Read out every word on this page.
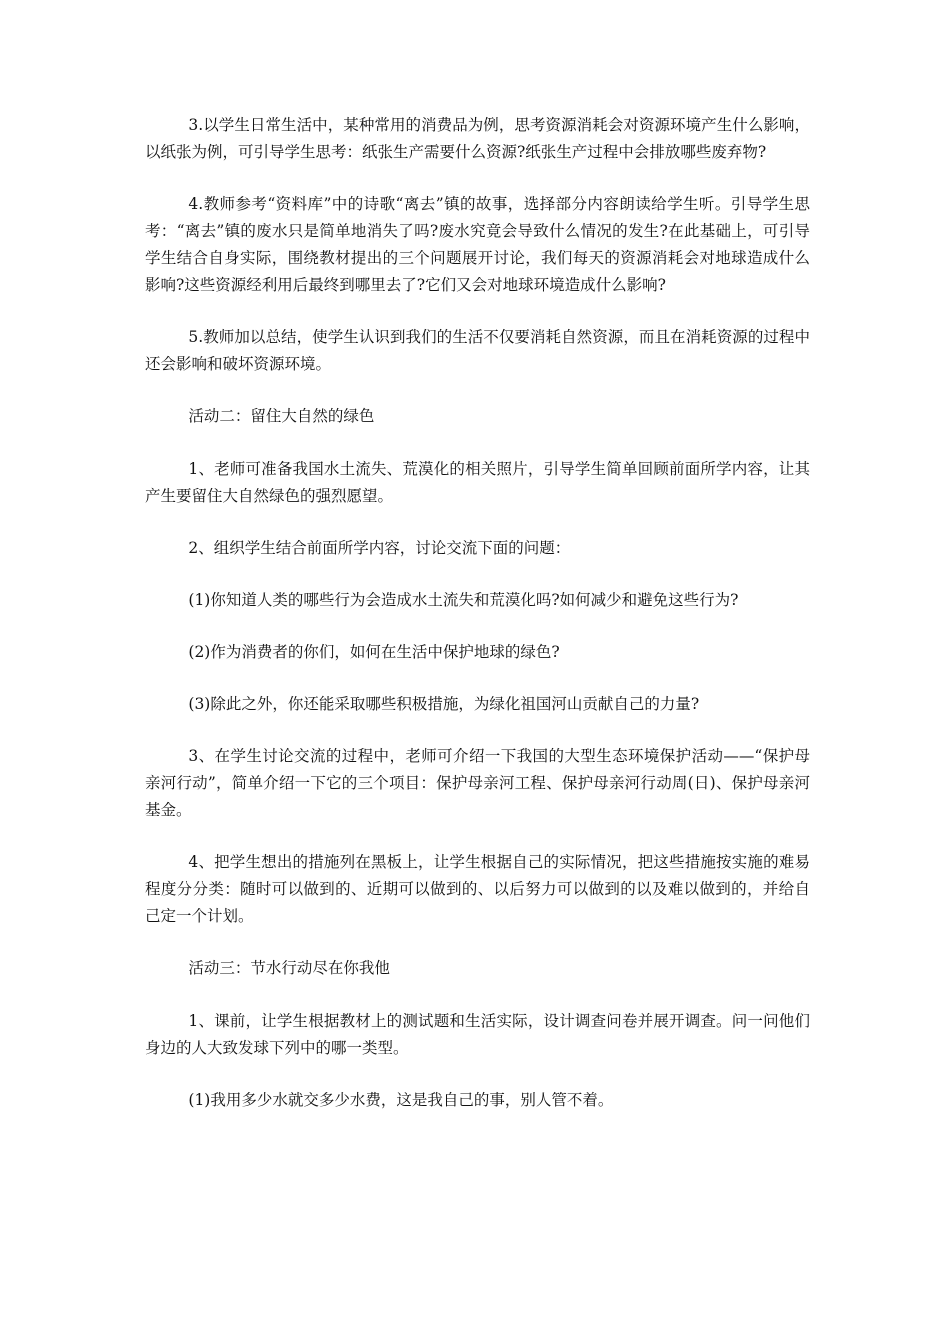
3.以学生日常生活中，某种常用的消费品为例，思考资源消耗会对资源环境产生什么影响，以纸张为例，可引导学生思考：纸张生产需要什么资源?纸张生产过程中会排放哪些废弃物?

4.教师参考“资料库”中的诗歌“离去”镇的故事，选择部分内容朗读给学生听。引导学生思考：“离去”镇的废水只是简单地消失了吗?废水究竟会导致什么情况的发生?在此基础上，可引导学生结合自身实际，围绕教材提出的三个问题展开讨论，我们每天的资源消耗会对地球造成什么影响?这些资源经利用后最终到哪里去了?它们又会对地球环境造成什么影响?

5.教师加以总结，使学生认识到我们的生活不仅要消耗自然资源，而且在消耗资源的过程中还会影响和破坏资源环境。

活动二：留住大自然的绿色

1、老师可准备我国水土流失、荒漠化的相关照片，引导学生简单回顾前面所学内容，让其产生要留住大自然绿色的强烈愿望。

2、组织学生结合前面所学内容，讨论交流下面的问题：

(1)你知道人类的哪些行为会造成水土流失和荒漠化吗?如何减少和避免这些行为?

(2)作为消费者的你们，如何在生活中保护地球的绿色?

(3)除此之外，你还能采取哪些积极措施，为绿化祖国河山贡献自己的力量?

3、在学生讨论交流的过程中，老师可介绍一下我国的大型生态环境保护活动——“保护母亲河行动”，简单介绍一下它的三个项目：保护母亲河工程、保护母亲河行动周(日)、保护母亲河基金。

4、把学生想出的措施列在黑板上，让学生根据自己的实际情况，把这些措施按实施的难易程度分分类：随时可以做到的、近期可以做到的、以后努力可以做到的以及难以做到的，并给自己定一个计划。

活动三：节水行动尽在你我他

1、课前，让学生根据教材上的测试题和生活实际，设计调查问卷并展开调查。问一问他们身边的人大致发球下列中的哪一类型。

(1)我用多少水就交多少水费，这是我自己的事，别人管不着。
